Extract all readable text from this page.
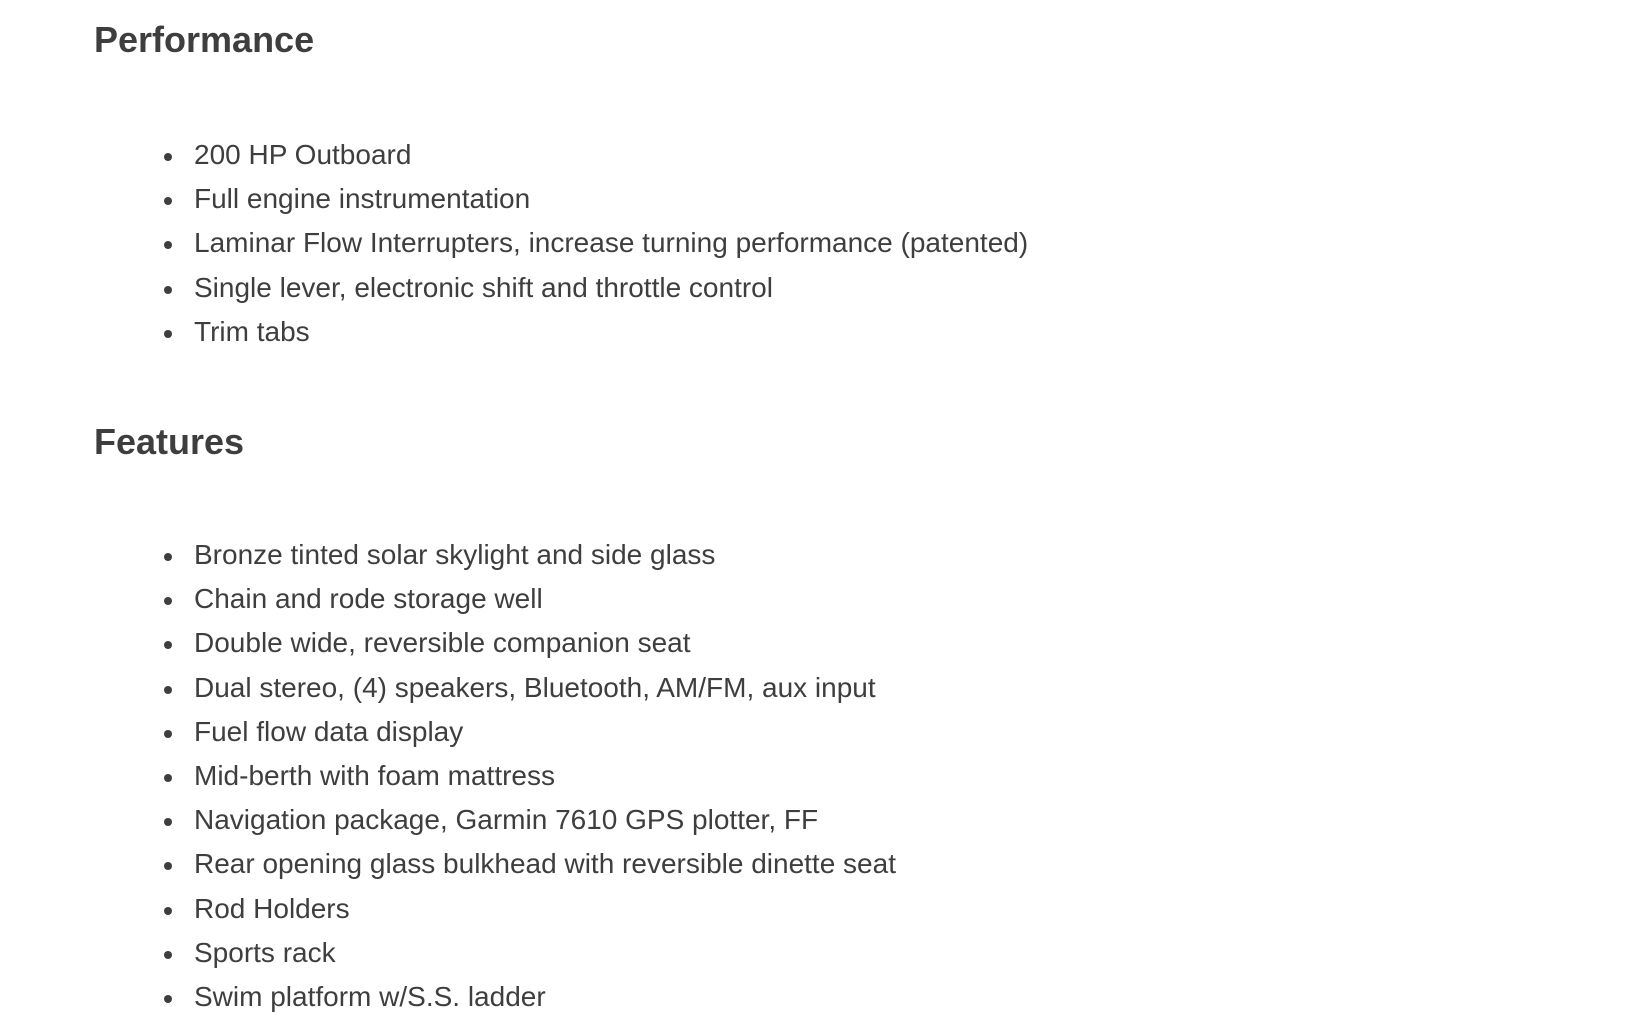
Performance
200 HP Outboard
Full engine instrumentation
Laminar Flow Interrupters, increase turning performance (patented)
Single lever, electronic shift and throttle control
Trim tabs
Features
Bronze tinted solar skylight and side glass
Chain and rode storage well
Double wide, reversible companion seat
Dual stereo, (4) speakers, Bluetooth, AM/FM, aux input
Fuel flow data display
Mid-berth with foam mattress
Navigation package, Garmin 7610 GPS plotter, FF
Rear opening glass bulkhead with reversible dinette seat
Rod Holders
Sports rack
Swim platform w/S.S. ladder
